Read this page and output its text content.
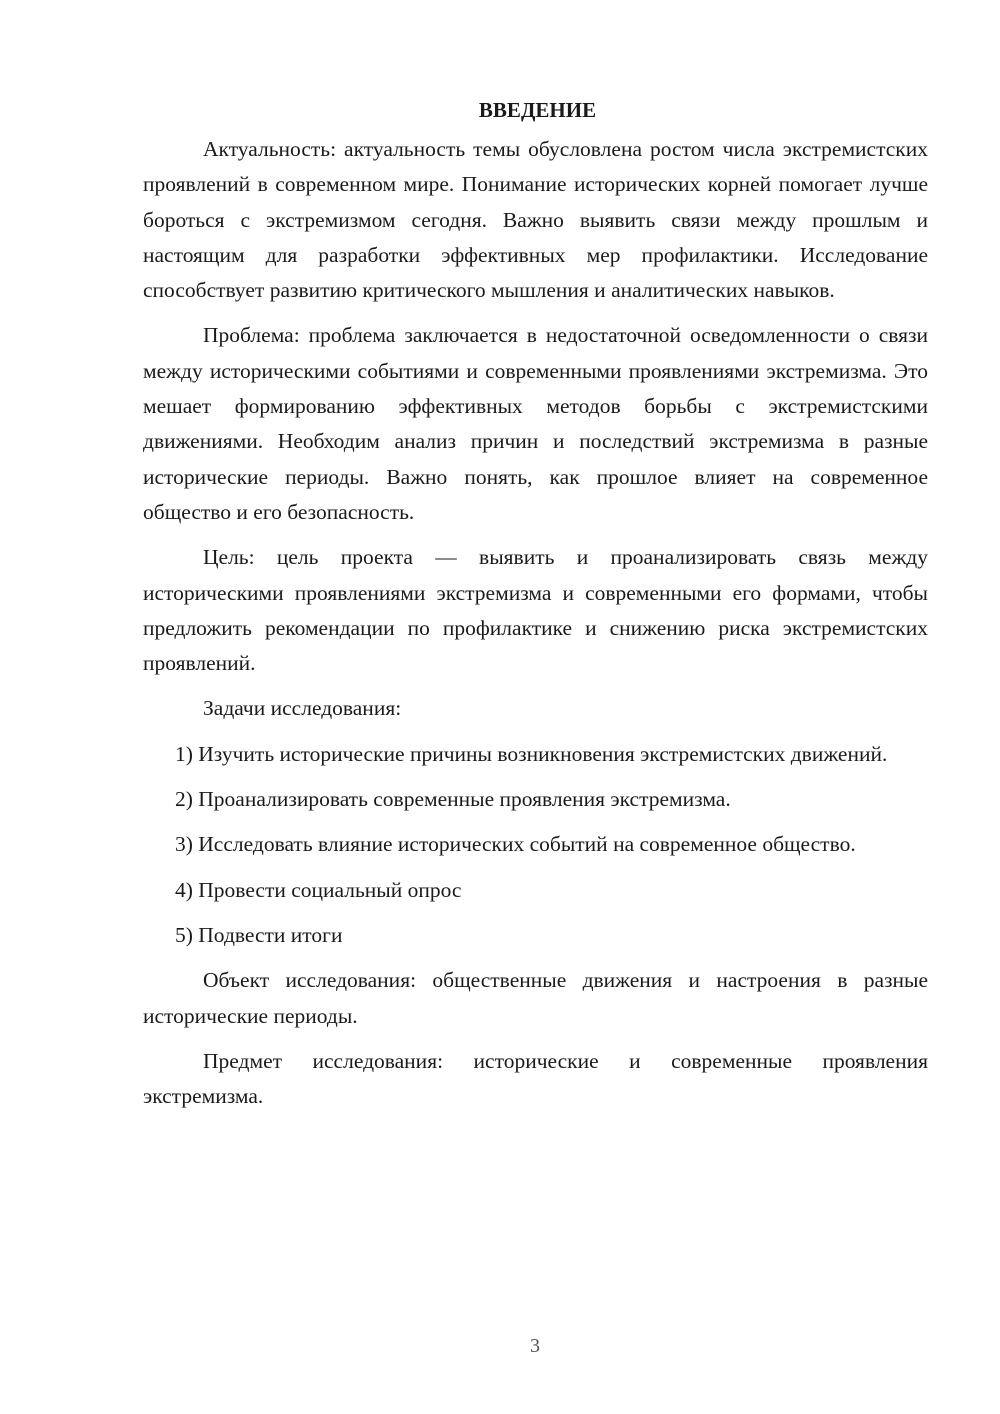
ВВЕДЕНИЕ

Актуальность: актуальность темы обусловлена ростом числа экстремистских проявлений в современном мире. Понимание исторических корней помогает лучше бороться с экстремизмом сегодня. Важно выявить связи между прошлым и настоящим для разработки эффективных мер профилактики. Исследование способствует развитию критического мышления и аналитических навыков.

Проблема: проблема заключается в недостаточной осведомленности о связи между историческими событиями и современными проявлениями экстремизма. Это мешает формированию эффективных методов борьбы с экстремистскими движениями. Необходим анализ причин и последствий экстремизма в разные исторические периоды. Важно понять, как прошлое влияет на современное общество и его безопасность.

Цель: цель проекта — выявить и проанализировать связь между историческими проявлениями экстремизма и современными его формами, чтобы предложить рекомендации по профилактике и снижению риска экстремистских проявлений.

Задачи исследования:

1) Изучить исторические причины возникновения экстремистских движений.

2) Проанализировать современные проявления экстремизма.

3) Исследовать влияние исторических событий на современное общество.

4) Провести социальный опрос

5) Подвести итоги

Объект исследования: общественные движения и настроения в разные исторические периоды.

Предмет исследования: исторические и современные проявления экстремизма.

3
